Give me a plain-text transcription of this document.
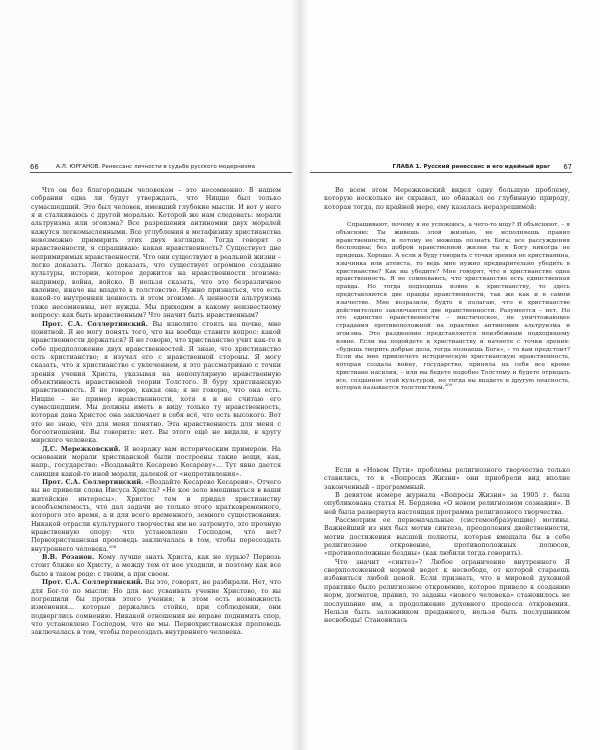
66	А.Л. ЮРГАНОВ. Ренессанс личности в судьбе русского модернизма

Что он без благородным человеком – это несомненно. В нашем собрании едва ли будут утверждать, что Ницше был только сумасшедший. Это был человек, имевший глубокие мысли. И вот у него я и сталкиваюсь с другой моралью. Которой же нам следовать: морали альтруизма или эгоизма? Все разрешения антиномии двух моралей кажутся легкомысленными. Все углубления в метафизику христианства невозможно примирить этих двух взглядов. Тогда говорят о нравственности, я спрашиваю: какая нравственность? Существует две непримиримых нравственности. Что они существуют в реальной жизни – легко доказать. Легко доказать, что существует огромное создание культуры, истории, которое держится на нравственности эгоизма: например, война, войско. В нельзя сказать, что это безразличное явление, иначе вы впадете в толстовство. Нужно признаться, что есть какой-то внутренняя ценность и этом эгоизме. А ценности альтруизма тоже несомненны, нет нужды. Мы приходим в какому неизвестному вопросу: как быть нравственным? Что значит быть нравственным?

Прот. С.А. Соллертинский. Вы изволите стоять на почве, мне понятной. Я не могу понять того, что вы вообще ставите вопрос: какой нравственности держаться? Я не говорю, что христианство учит как-то в себе предположение двух нравственностей. Я знаю, что христианство есть христианство; я изучал его с нравственной стороны. Я могу сказать, что я христианство с увлечением, я это рассматриваю с точки зрения учения Христа, указывая на непопулярную нравственную объективность нравственной теории Толстого. В буру христианскую нравственность. Я не говорю, какая она; я не говорю, что она есть. Ницше – не пример нравственности, хотя я и не считаю его сумасшедшим. Мы должны иметь в виду только ту нравственность, которая дана Христос она заключает в себя всё, что есть высокого. Вот это не знаю, что для меня понятно. Эта нравственность для меня с богоотношении. Вы говорите: нет. Вы этого ещё не видали, в кругу мирского человека.

Д.С. Мережковский. Я возражу вам историческим примером. На основании морали христианской были построены такие вещи, как, напр., государство: «Воздавайте Кесарево Кесареву»... Тут явно дается санкция какой-то иной морали, далекой от «непротивления».

Прот. С.А. Соллертинский. «Воздайте Кесарево Кесареви». Отчего вы не привели слова Иисуса Христа? «Не кое зело вмешиваться в ваши житейские интересы». Христос тем и придал христианству всеобъемлемость, что дал задачи не только этого кратковременного, которого это время, а и для всего временного, земного существования. Никакой отрасли культурного творчества им не затронуто, это прочную нравственную опору: что установлено Господом, что нет? Первохристианская проповедь заключалась в том, чтобы пересоздать внутреннего человека.$^{208}$

В.В. Розанов. Кому лучше знать Христа, как не лурью? Первозь стоит ближе ко Христу, а между тем от нее уходили, и поэтому как все было в таком роде: с твоим, а при своем.

Прот. С.А. Соллертинский. Вы это, говорят, не разбирали. Нет, что для Бог-то по мысли: Но для вас усваивать учение Христово, то вы погрешили бы против этого учения; в этом есть возможность изменения... которые держались стойко, при соблюдении, они подверглись сомнению. Никакой отношения не вправе поднимать спор, что установлено Господом, что не мы. Первохристианская проповедь заключалась в том, чтобы пересоздать внутреннего человека.

ГЛАВА 1. Русский ренессанс и его идейный враг 67

Во всем этом Мережковский видел одну большую проблему, которую несколько не скрывал, но обнажал ее глубинную природу, которая тогда, по крайней мере, ему казалась неразрешимой:

Спрашивают, почему я не успокоюсь, а чего-то ищу? Я объясняют, – я объясняю: Ты живешь злой жизнью, не исполняешь правил нравственности, и потому не можешь познать Бога; все рассуждения бесплодны; без доброй нравственной жизни ты к Богу никогда не придешь. Хорошо. А если я буду говорить с точки зрения не христианина, язычника или атеиста, то ведь мне нужно предварительно убедить в христианстве? Как вы убедите? Мне говорят, что в христианстве одна нравственность. Я не сомневаюсь, что христианство есть единственная правда. Но тогда подходишь извне к христианству, то здесь представляются две правды нравственности, так же как и в самом язычестве. Мне возразили, будто я полагаю, что в христианстве действительно заключаются две нравственности. Разумеется – нет. Но это единство нравственности – мистическое, не уничтожающее страдания противоположной на практике антиномии альтруизма и эгоизма. Это раздвоение представляется неизбежным подходящему извне. Если вы подойдете к христианству и начнете с точки зрения: «будешь творить добрые дела, тогда познаешь Бога», – то вам предстоит? Если вы мне привлечете историческую христианскую нравственность, которая создала войну, государство, приняла на себя все кроме христиане насилия, – или вы бедете подобно Толстому и будете отрицать все, созданное этой культурой, но тогда вы впадете в другую опасность, которая называется толстовством.$^{209}$

Если в «Новом Пути» проблемы религиозного творчества только ставились, то в «Вопросах Жизни» они приобрели вид вполне законченный – программный.

В девятом номере журнала «Вопросы Жизни» за 1905 г. была опубликована статья Н. Бердяева «О новом религиозном сознании». В ней была развернута настоящая программа религиозного творчества.

Рассмотрим ее первоначальные (системообразующие) мотивы. Важнейший из них был мотив синтеза, преодоления двойственности, мотив достижения высшей полноты, которая вмещала бы в себе религиозное откровение, противоположных полюсов, «противоположные бездны» (как любили тогда говорить).

Что значит «синтез»? Любое ограничение внутреннего Я сверхположенной нормой ведет к несвободе, от которой стараешь избавиться любой ценой. Если признать, что в мировой духовной практике было религиозное откровение, которое привело к созданию норм, догматов, правил, то заданы «нового человека» становилось не послушание им, а продолжение духовного процесса откровения. Нельзя быть заложником преданного, нельзя быть послушником несвободы! Становилась
